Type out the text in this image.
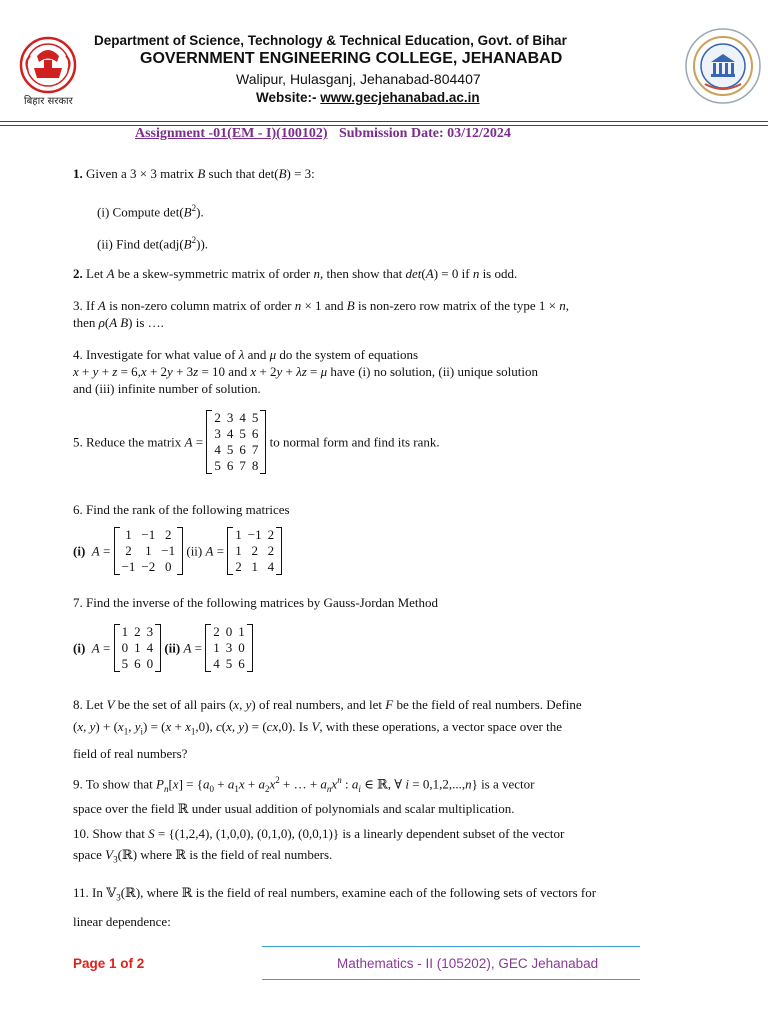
बिहार सरकार
Department of Science, Technology & Technical Education, Govt. of Bihar
GOVERNMENT ENGINEERING COLLEGE, JEHANABAD
Walipur, Hulasganj, Jehanabad-804407
Website:- www.gecjehanabad.ac.in
Assignment -01(EM - I)(100102) Submission Date: 03/12/2024
1. Given a 3 × 3 matrix B such that det(B) = 3:
(i) Compute $\det(B^2)$.
(ii) Find $\det(adj(B^2))$.
2. Let A be a skew-symmetric matrix of order n, then show that det(A) = 0 if n is odd.
3. If A is non-zero column matrix of order n × 1 and B is non-zero row matrix of the type 1 × n,
then ρ(A B) is ….
4. Investigate for what value of λ and μ do the system of equations
x + y + z = 6,x + 2y + 3z = 10 and x + 2y + λz = μ have (i) no solution, (ii) unique solution
and (iii) infinite number of solution.
5. Reduce the matrix A =
2	3	4	5
3	4	5	6
4	5	6	7
5	6	7	8
to normal form and find its rank.
6. Find the rank of the following matrices
(i) A =
1	−1	2
2	1	−1
−1	−2	0
(ii) A =
1	−1	2
1	2	2
2	1	4
7. Find the inverse of the following matrices by Gauss-Jordan Method
(i) A =
1	2	3
0	1	4
5	6	0
(ii) A =
2	0	1
1	3	0
4	5	6
8. Let V be the set of all pairs (x, y) of real numbers, and let F be the field of real numbers. Define
(x, $y) + (x_1$, $y_i) = (x + x_1,0)$, c(x, y) = (cx,0). Is V, with these operations, a vector space over the
field of real numbers?
9. To show that $P_n[x] = \{a_0 + a_1x + a_2x^2$ + … + $a_nx^n$ : $a_i$ ∈ ℝ, ∀ i = 0,1,2,...,n} is a vector
space over the field ℝ under usual addition of polynomials and scalar multiplication.
10. Show that S = {(1,2,4), (1,0,0), (0,1,0), (0,0,1)} is a linearly dependent subset of the vector
space $V_3(ℝ)$ where ℝ is the field of real numbers.
11. In 𝕍$_3$(ℝ), where ℝ is the field of real numbers, examine each of the following sets of vectors for
linear dependence:
Page 1 of 2	Mathematics - II (105202), GEC Jehanabad
